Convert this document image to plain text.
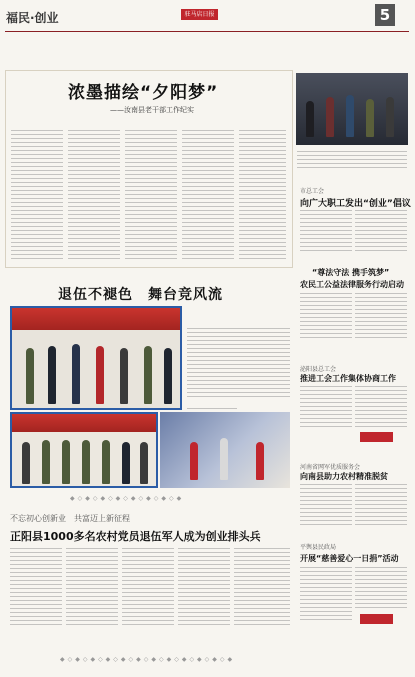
福民·创业	驻马店日报	5
浓墨描绘“夕阳梦”
——汝南县老干部工作纪实
市总工会
向广大职工发出“创业”倡议
“尊法守法 携手筑梦”
农民工公益法律服务行动启动
泌阳县总工会
推进工会工作集体协商工作
河南省网军优质服务会
向南县助力农村精准脱贫
平舆县民政局
开展“慈善爱心一日捐”活动
退伍不褪色　舞台竞风流
◆◇◆◇◆◇◆◇◆◇◆◇◆◇◆
不忘初心创新业　共富迈上新征程
正阳县1000多名农村党员退伍军人成为创业排头兵
◆◇◆◇◆◇◆◇◆◇◆◇◆◇◆◇◆◇◆◇◆◇◆
